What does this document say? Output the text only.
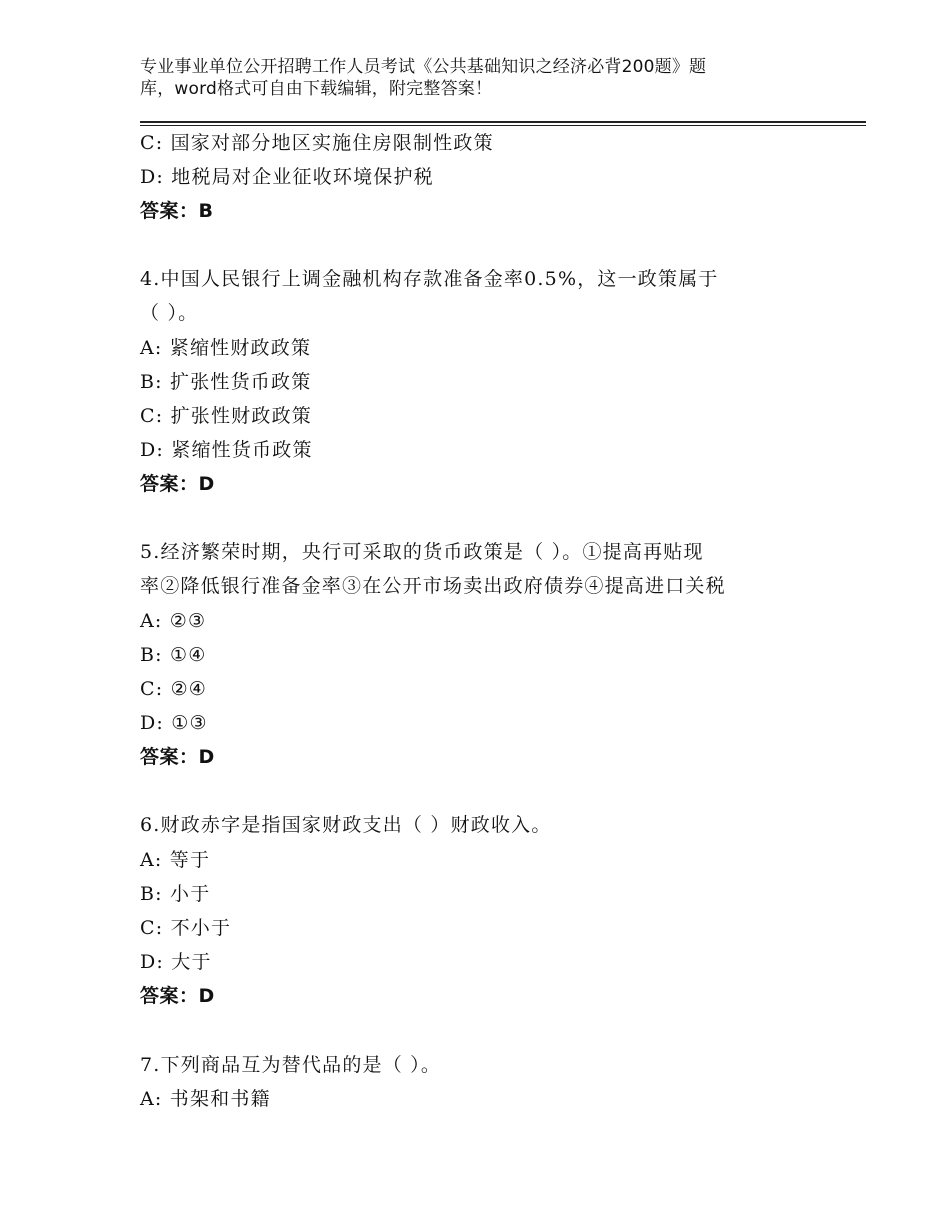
专业事业单位公开招聘工作人员考试《公共基础知识之经济必背200题》题
库，word格式可自由下载编辑，附完整答案！
C: 国家对部分地区实施住房限制性政策
D: 地税局对企业征收环境保护税
答案：B
4.中国人民银行上调金融机构存款准备金率0.5%，这一政策属于
（ ）。
A: 紧缩性财政政策
B: 扩张性货币政策
C: 扩张性财政政策
D: 紧缩性货币政策
答案：D
5.经济繁荣时期，央行可采取的货币政策是（ ）。①提高再贴现
率②降低银行准备金率③在公开市场卖出政府债券④提高进口关税
A: ②③
B: ①④
C: ②④
D: ①③
答案：D
6.财政赤字是指国家财政支出（ ）财政收入。
A: 等于
B: 小于
C: 不小于
D: 大于
答案：D
7.下列商品互为替代品的是（ ）。
A: 书架和书籍
